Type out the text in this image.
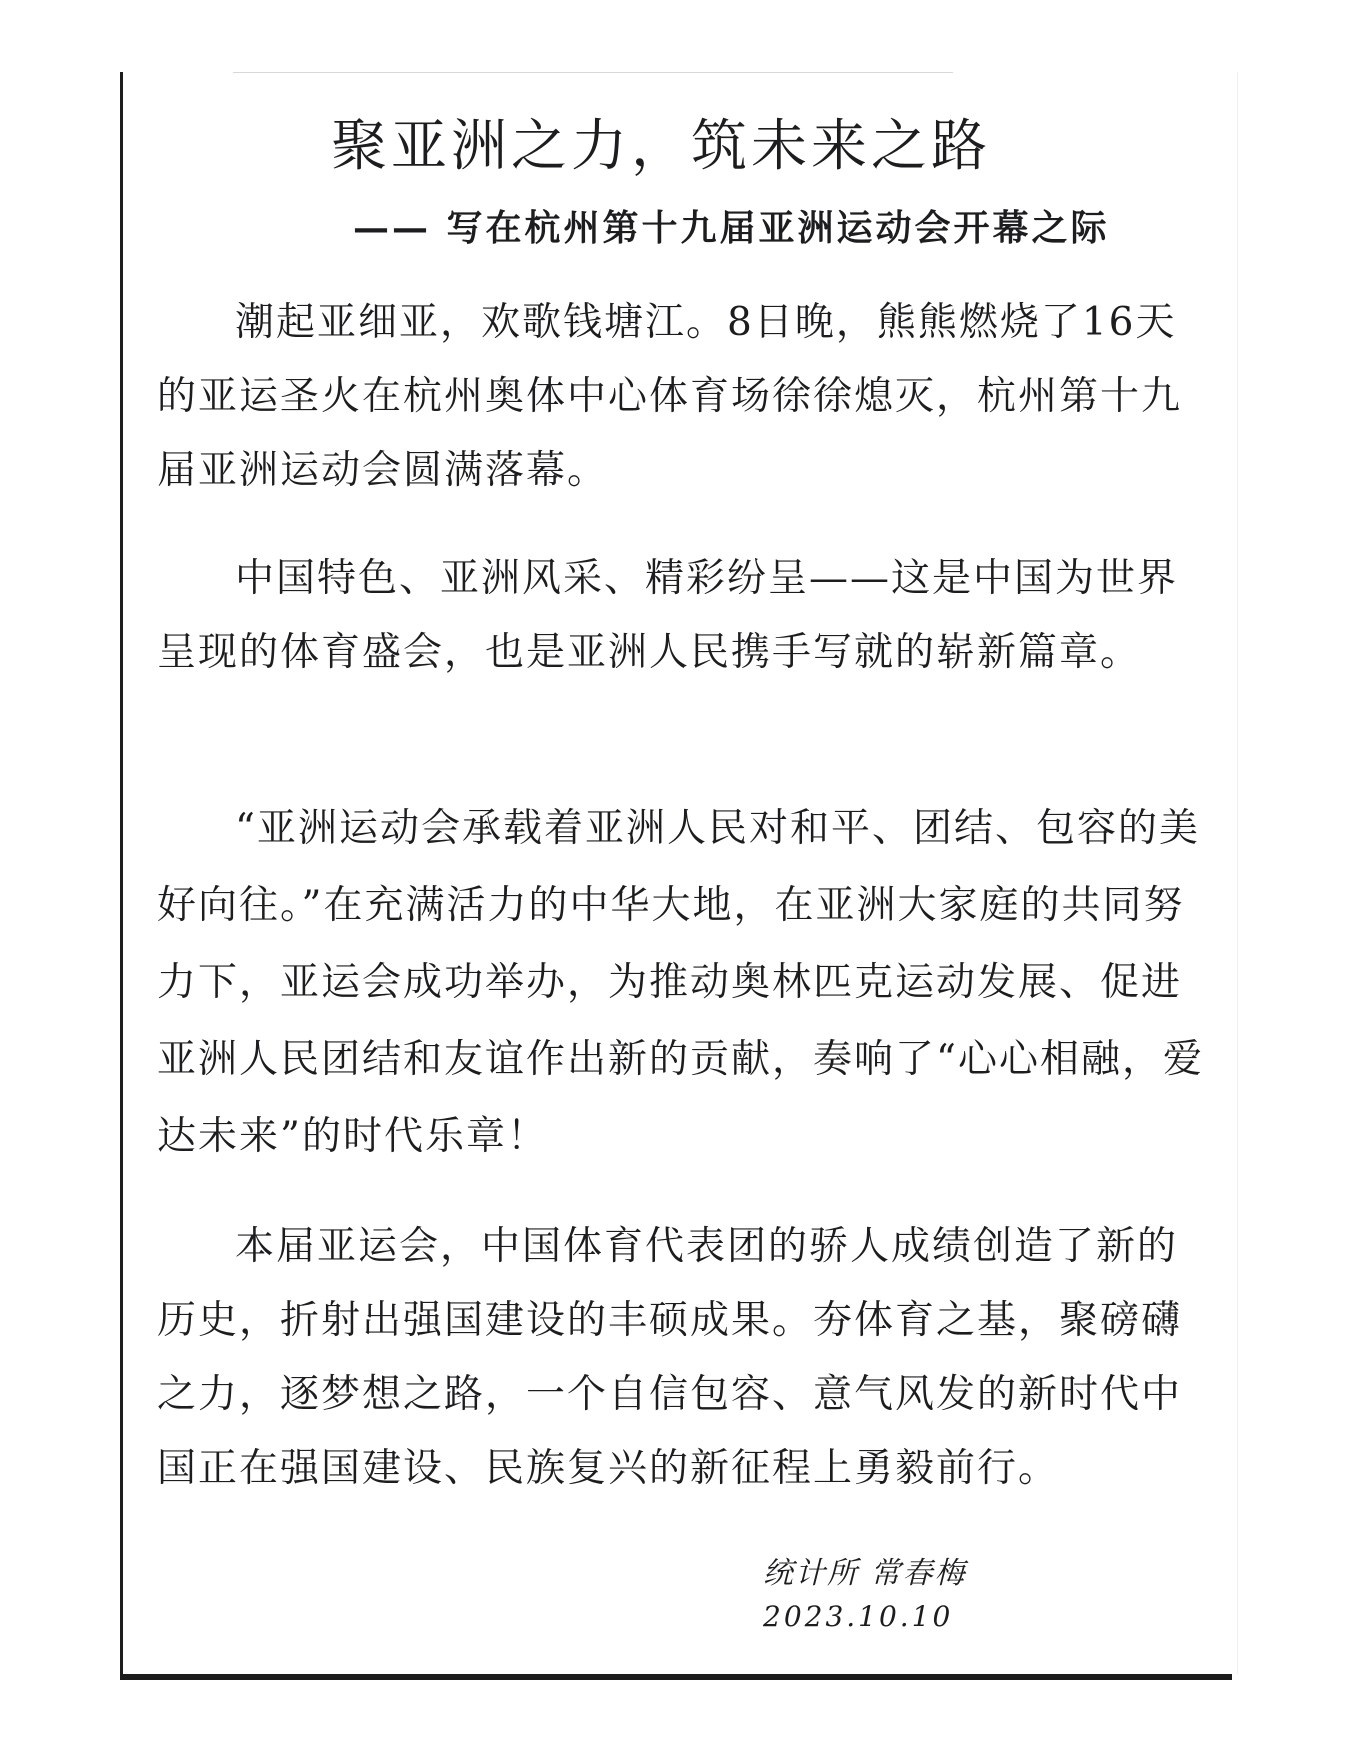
聚亚洲之力，筑未来之路
—— 写在杭州第十九届亚洲运动会开幕之际

潮起亚细亚，欢歌钱塘江。8日晚，熊熊燃烧了16天的亚运圣火在杭州奥体中心体育场徐徐熄灭，杭州第十九届亚洲运动会圆满落幕。

中国特色、亚洲风采、精彩纷呈——这是中国为世界呈现的体育盛会，也是亚洲人民携手写就的崭新篇章。

“亚洲运动会承载着亚洲人民对和平、团结、包容的美好向往。”在充满活力的中华大地，在亚洲大家庭的共同努力下，亚运会成功举办，为推动奥林匹克运动发展、促进亚洲人民团结和友谊作出新的贡献，奏响了“心心相融，爱达未来”的时代乐章！

本届亚运会，中国体育代表团的骄人成绩创造了新的历史，折射出强国建设的丰硕成果。夯体育之基，聚磅礴之力，逐梦想之路，一个自信包容、意气风发的新时代中国正在强国建设、民族复兴的新征程上勇毅前行。

统计所 常春梅

2023.10.10
